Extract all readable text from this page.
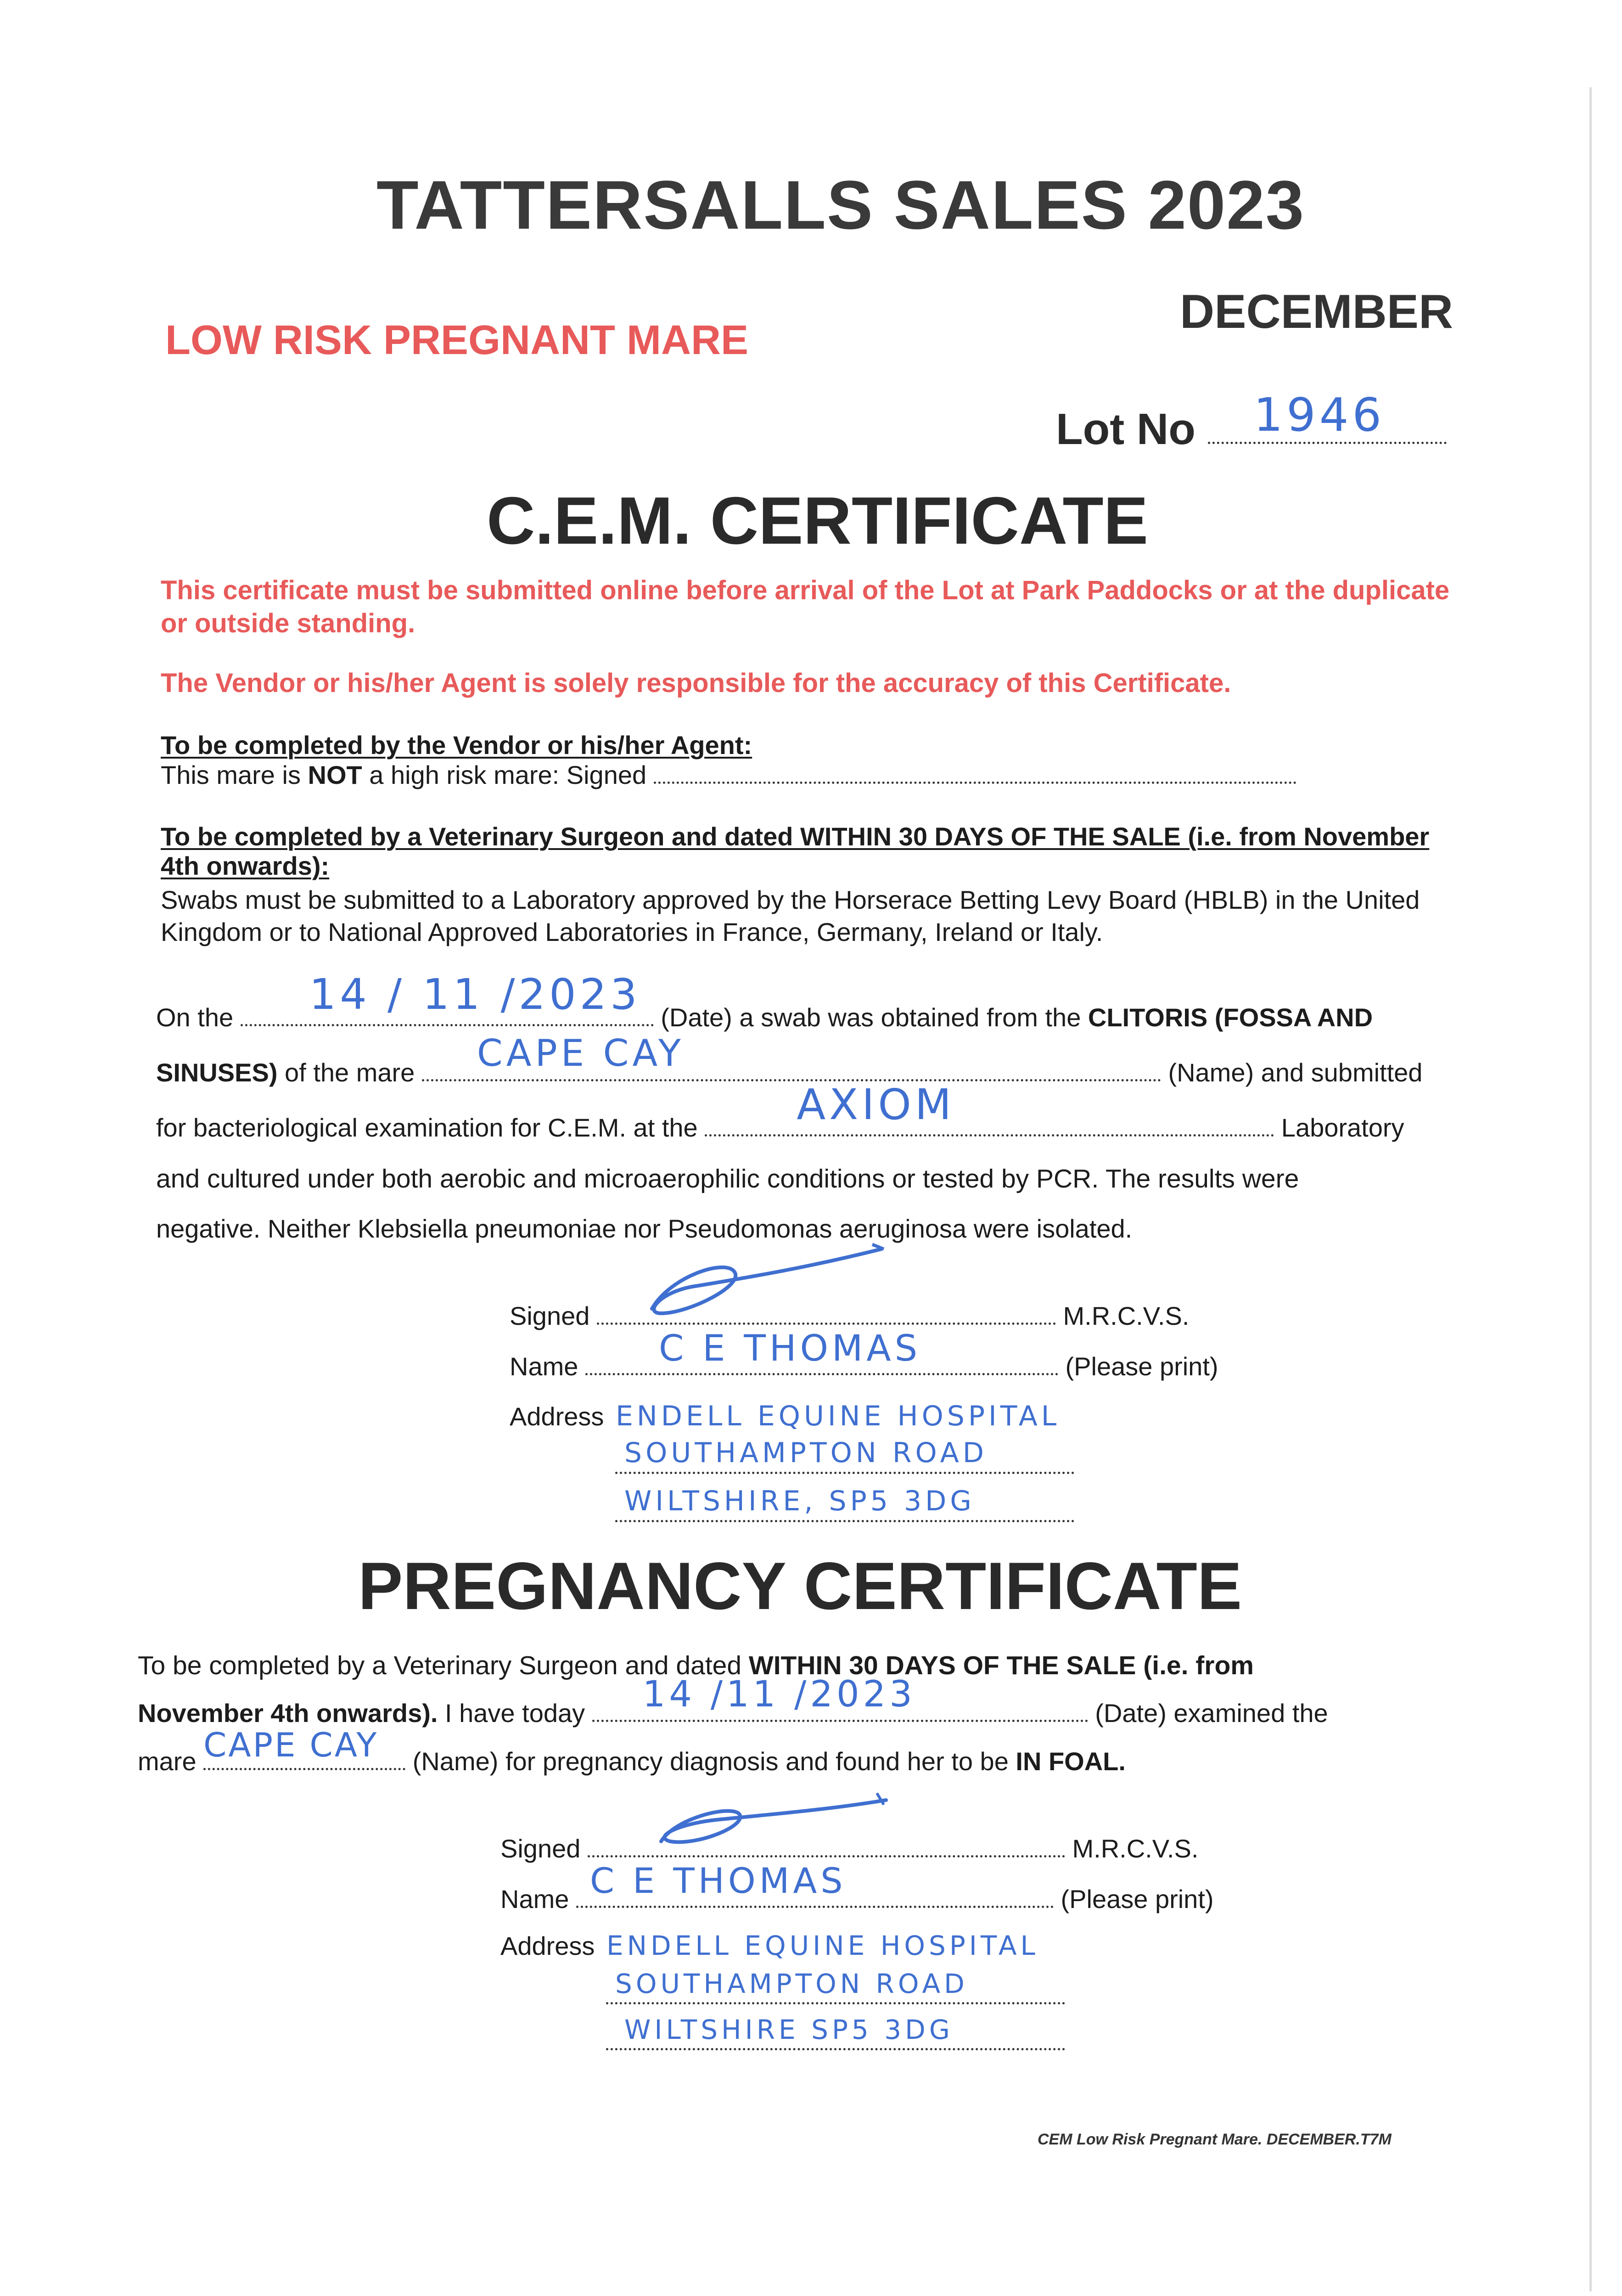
TATTERSALLS SALES 2023
DECEMBER
LOW RISK PREGNANT MARE
Lot No 1946
C.E.M. CERTIFICATE
This certificate must be submitted online before arrival of the Lot at Park Paddocks or at the duplicate or outside standing.
The Vendor or his/her Agent is solely responsible for the accuracy of this Certificate.
To be completed by the Vendor or his/her Agent:
This mare is NOT a high risk mare: Signed
To be completed by a Veterinary Surgeon and dated WITHIN 30 DAYS OF THE SALE (i.e. from November 4th onwards):
Swabs must be submitted to a Laboratory approved by the Horserace Betting Levy Board (HBLB) in the United Kingdom or to National Approved Laboratories in France, Germany, Ireland or Italy.
On the 14 / 11 /2023 (Date) a swab was obtained from the CLITORIS (FOSSA AND
SINUSES) of the mare CAPE CAY	(Name) and submitted
for bacteriological examination for C.E.M. at the AXIOM	Laboratory
and cultured under both aerobic and microaerophilic conditions or tested by PCR. The results were
negative. Neither Klebsiella pneumoniae nor Pseudomonas aeruginosa were isolated.
Signed	M.R.C.V.S.
Name C E THOMAS	(Please print)
Address ENDELL EQUINE HOSPITAL
SOUTHAMPTON ROAD
WILTSHIRE, SP5 3DG
PREGNANCY CERTIFICATE
To be completed by a Veterinary Surgeon and dated WITHIN 30 DAYS OF THE SALE (i.e. from
November 4th onwards). I have today 14 /11 /2023	(Date) examined the
mare CAPE CAY (Name) for pregnancy diagnosis and found her to be IN FOAL.
Signed	M.R.C.V.S.
Name C E THOMAS	(Please print)
Address ENDELL EQUINE HOSPITAL
SOUTHAMPTON ROAD
WILTSHIRE SP5 3DG
CEM Low Risk Pregnant Mare. DECEMBER.T7M
